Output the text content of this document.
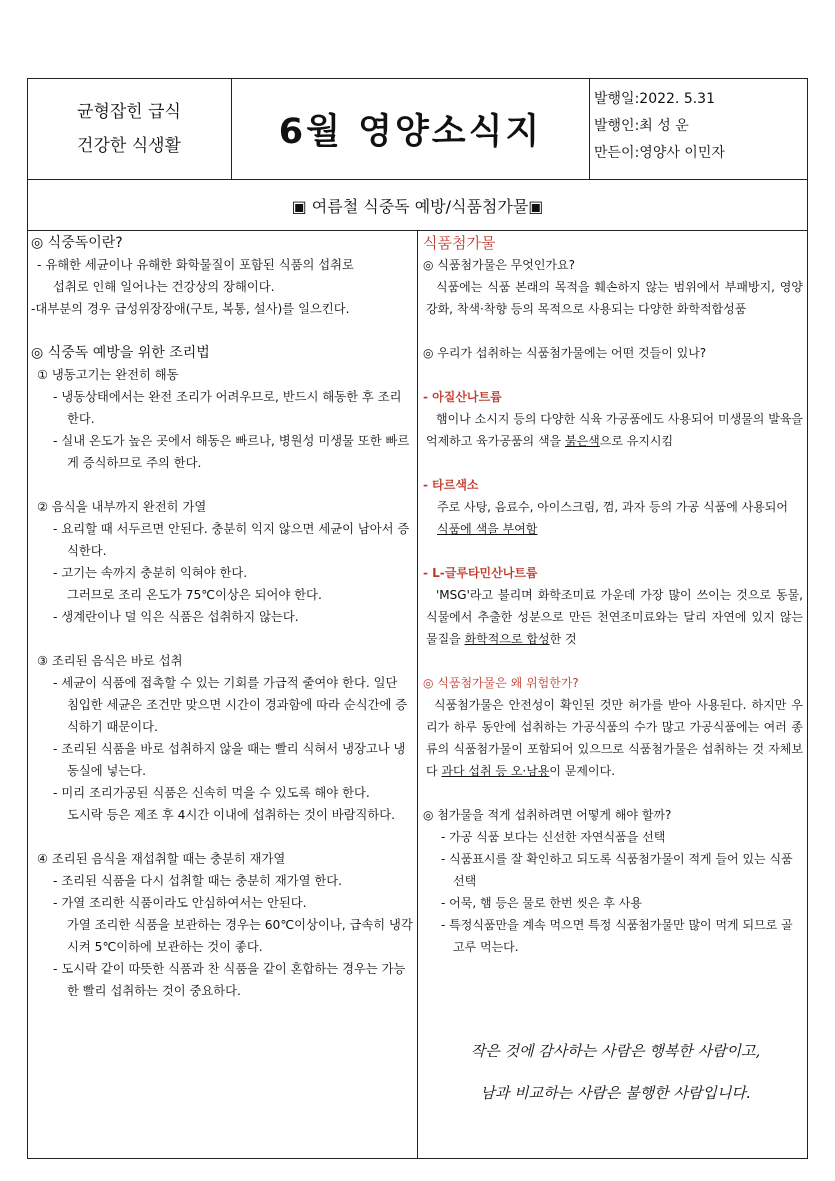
균형잡힌 급식
건강한 식생활	6월 영양소식지
발행일:2022. 5.31
발행인:최 성 운
만든이:영양사 이민자
▣ 여름철 식중독 예방/식품첨가물▣

◎ 식중독이란?

- 유해한 세균이나 유해한 화학물질이 포함된 식품의 섭취로

섭취로 인해 일어나는 건강상의 장해이다.

-대부분의 경우 급성위장장애(구토, 복통, 설사)를 일으킨다.

◎ 식중독 예방을 위한 조리법

① 냉동고기는 완전히 해동

- 냉동상태에서는 완전 조리가 어려우므로, 반드시 해동한 후 조리한다.

- 실내 온도가 높은 곳에서 해동은 빠르나, 병원성 미생물 또한 빠르게 증식하므로 주의 한다.

② 음식을 내부까지 완전히 가열

- 요리할 때 서두르면 안된다. 충분히 익지 않으면 세균이 남아서 증식한다.

- 고기는 속까지 충분히 익혀야 한다.

그러므로 조리 온도가 75℃이상은 되어야 한다.

- 생계란이나 덜 익은 식품은 섭취하지 않는다.

③ 조리된 음식은 바로 섭취

- 세균이 식품에 접촉할 수 있는 기회를 가급적 줄여야 한다. 일단 침입한 세균은 조건만 맞으면 시간이 경과함에 따라 순식간에 증식하기 때문이다.

- 조리된 식품을 바로 섭취하지 않을 때는 빨리 식혀서 냉장고나 냉동실에 넣는다.

- 미리 조리가공된 식품은 신속히 먹을 수 있도록 해야 한다.

도시락 등은 제조 후 4시간 이내에 섭취하는 것이 바람직하다.

④ 조리된 음식을 재섭취할 때는 충분히 재가열

- 조리된 식품을 다시 섭취할 때는 충분히 재가열 한다.

- 가열 조리한 식품이라도 안심하여서는 안된다.

가열 조리한 식품을 보관하는 경우는 60℃이상이나, 급속히 냉각시켜 5℃이하에 보관하는 것이 좋다.

- 도시락 같이 따뜻한 식품과 찬 식품을 같이 혼합하는 경우는 가능한 빨리 섭취하는 것이 중요하다.

식품첨가물

◎ 식품첨가물은 무엇인가요?

식품에는 식품 본래의 목적을 훼손하지 않는 범위에서 부패방지, 영양 강화, 착색·착향 등의 목적으로 사용되는 다양한 화학적합성품

◎ 우리가 섭취하는 식품첨가물에는 어떤 것들이 있나?

- 아질산나트륨

햄이나 소시지 등의 다양한 식육 가공품에도 사용되어 미생물의 발육을 억제하고 육가공품의 색을 붉은색으로 유지시킴

- 타르색소

주로 사탕, 음료수, 아이스크림, 껌, 과자 등의 가공 식품에 사용되어 식품에 색을 부여함

- L-글루타민산나트륨

'MSG'라고 불리며 화학조미료 가운데 가장 많이 쓰이는 것으로 동물, 식물에서 추출한 성분으로 만든 천연조미료와는 달리 자연에 있지 않는 물질을 화학적으로 합성한 것

◎ 식품첨가물은 왜 위험한가?

식품첨가물은 안전성이 확인된 것만 허가를 받아 사용된다. 하지만 우리가 하루 동안에 섭취하는 가공식품의 수가 많고 가공식품에는 여러 종류의 식품첨가물이 포함되어 있으므로 식품첨가물은 섭취하는 것 자체보다 과다 섭취 등 오·남용이 문제이다.

◎ 첨가물을 적게 섭취하려면 어떻게 해야 할까?

- 가공 식품 보다는 신선한 자연식품을 선택

- 식품표시를 잘 확인하고 되도록 식품첨가물이 적게 들어 있는 식품 선택

- 어묵, 햄 등은 물로 한번 씻은 후 사용

- 특정식품만을 계속 먹으면 특정 식품첨가물만 많이 먹게 되므로 골고루 먹는다.

작은 것에 감사하는 사람은 행복한 사람이고,
남과 비교하는 사람은 불행한 사람입니다.
